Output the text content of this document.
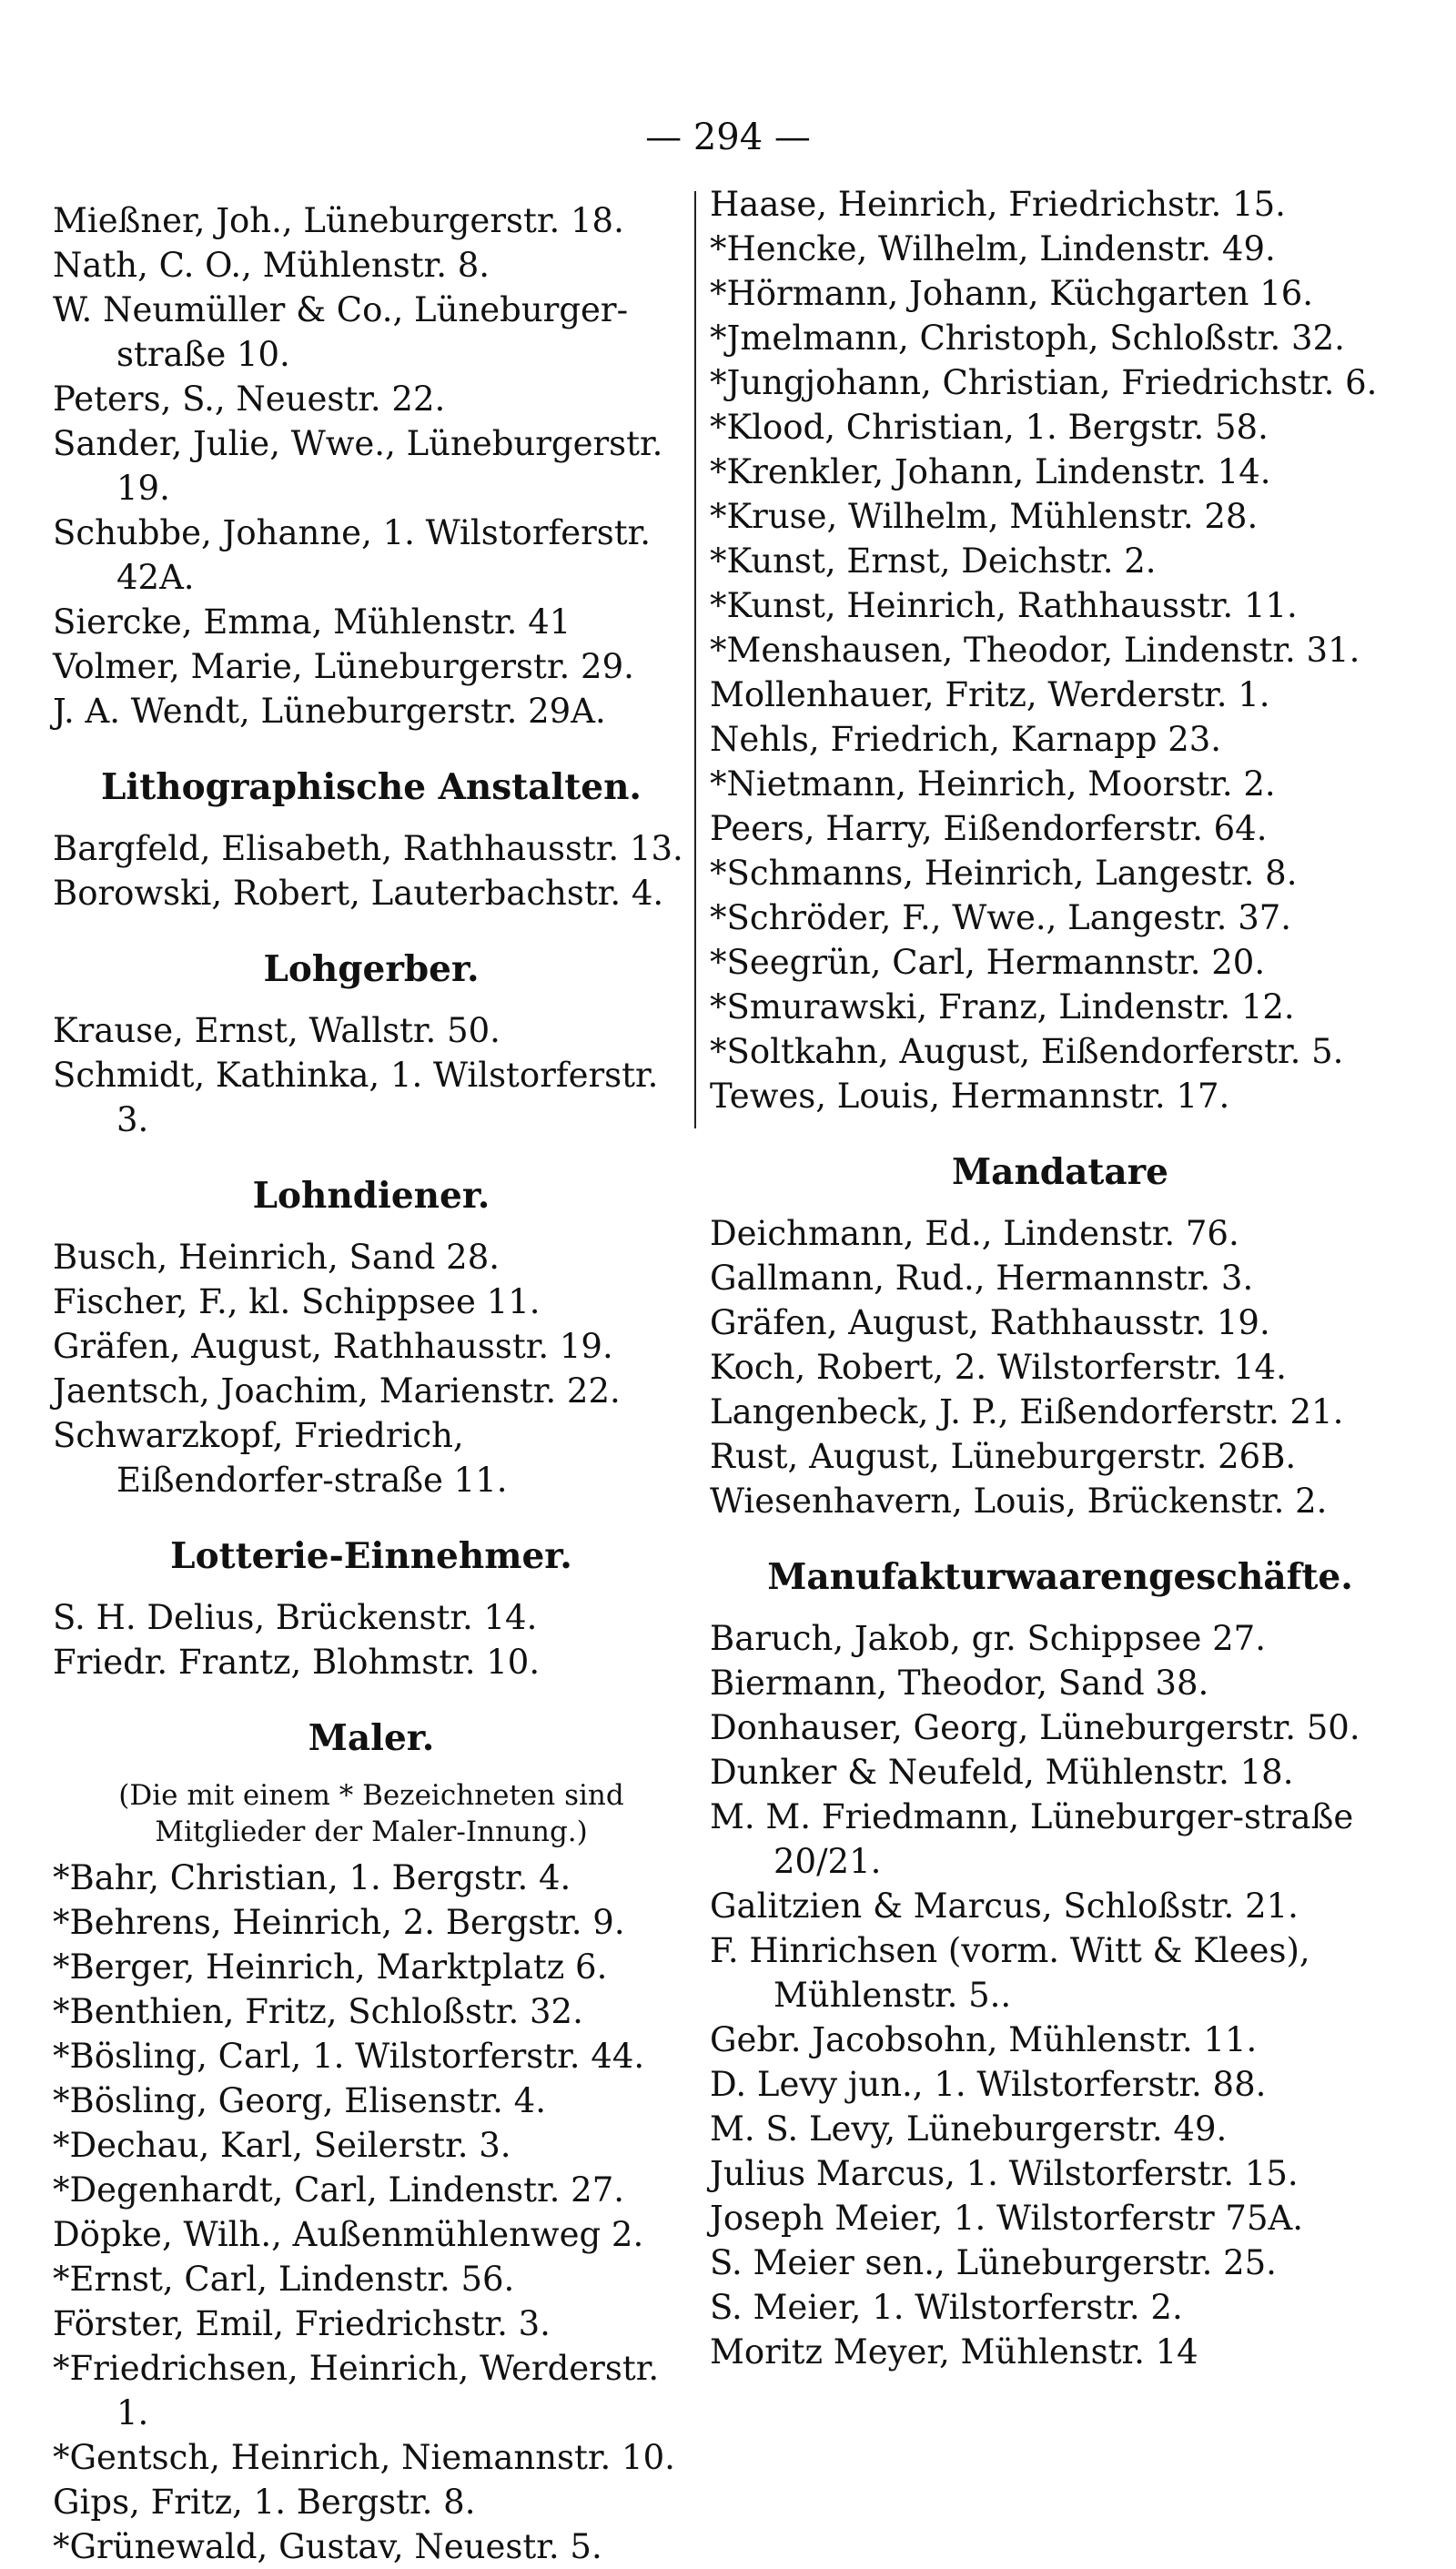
— 294 —

Mießner, Joh., Lüneburgerstr. 18.

Nath, C. O., Mühlenstr. 8.

W. Neumüller & Co., Lüneburger-straße 10.

Peters, S., Neuestr. 22.

Sander, Julie, Wwe., Lüneburgerstr. 19.

Schubbe, Johanne, 1. Wilstorferstr. 42A.

Siercke, Emma, Mühlenstr. 41

Volmer, Marie, Lüneburgerstr. 29.

J. A. Wendt, Lüneburgerstr. 29A.

Lithographische Anstalten.

Bargfeld, Elisabeth, Rathhausstr. 13.

Borowski, Robert, Lauterbachstr. 4.

Lohgerber.

Krause, Ernst, Wallstr. 50.

Schmidt, Kathinka, 1. Wilstorferstr. 3.

Lohndiener.

Busch, Heinrich, Sand 28.

Fischer, F., kl. Schippsee 11.

Gräfen, August, Rathhausstr. 19.

Jaentsch, Joachim, Marienstr. 22.

Schwarzkopf, Friedrich, Eißendorfer-straße 11.

Lotterie-Einnehmer.

S. H. Delius, Brückenstr. 14.

Friedr. Frantz, Blohmstr. 10.

Maler.
(Die mit einem * Bezeichneten sind Mitglieder der Maler-Innung.)

*Bahr, Christian, 1. Bergstr. 4.

*Behrens, Heinrich, 2. Bergstr. 9.

*Berger, Heinrich, Marktplatz 6.

*Benthien, Fritz, Schloßstr. 32.

*Bösling, Carl, 1. Wilstorferstr. 44.

*Bösling, Georg, Elisenstr. 4.

*Dechau, Karl, Seilerstr. 3.

*Degenhardt, Carl, Lindenstr. 27.

Döpke, Wilh., Außenmühlenweg 2.

*Ernst, Carl, Lindenstr. 56.

Förster, Emil, Friedrichstr. 3.

*Friedrichsen, Heinrich, Werderstr. 1.

*Gentsch, Heinrich, Niemannstr. 10.

Gips, Fritz, 1. Bergstr. 8.

*Grünewald, Gustav, Neuestr. 5.

Haase, Heinrich, Friedrichstr. 15.

*Hencke, Wilhelm, Lindenstr. 49.

*Hörmann, Johann, Küchgarten 16.

*Jmelmann, Christoph, Schloßstr. 32.

*Jungjohann, Christian, Friedrichstr. 6.

*Klood, Christian, 1. Bergstr. 58.

*Krenkler, Johann, Lindenstr. 14.

*Kruse, Wilhelm, Mühlenstr. 28.

*Kunst, Ernst, Deichstr. 2.

*Kunst, Heinrich, Rathhausstr. 11.

*Menshausen, Theodor, Lindenstr. 31.

Mollenhauer, Fritz, Werderstr. 1.

Nehls, Friedrich, Karnapp 23.

*Nietmann, Heinrich, Moorstr. 2.

Peers, Harry, Eißendorferstr. 64.

*Schmanns, Heinrich, Langestr. 8.

*Schröder, F., Wwe., Langestr. 37.

*Seegrün, Carl, Hermannstr. 20.

*Smurawski, Franz, Lindenstr. 12.

*Soltkahn, August, Eißendorferstr. 5.

Tewes, Louis, Hermannstr. 17.

Mandatare

Deichmann, Ed., Lindenstr. 76.

Gallmann, Rud., Hermannstr. 3.

Gräfen, August, Rathhausstr. 19.

Koch, Robert, 2. Wilstorferstr. 14.

Langenbeck, J. P., Eißendorferstr. 21.

Rust, August, Lüneburgerstr. 26B.

Wiesenhavern, Louis, Brückenstr. 2.

Manufakturwaarengeschäfte.

Baruch, Jakob, gr. Schippsee 27.

Biermann, Theodor, Sand 38.

Donhauser, Georg, Lüneburgerstr. 50.

Dunker & Neufeld, Mühlenstr. 18.

M. M. Friedmann, Lüneburger-straße 20/21.

Galitzien & Marcus, Schloßstr. 21.

F. Hinrichsen (vorm. Witt & Klees), Mühlenstr. 5..

Gebr. Jacobsohn, Mühlenstr. 11.

D. Levy jun., 1. Wilstorferstr. 88.

M. S. Levy, Lüneburgerstr. 49.

Julius Marcus, 1. Wilstorferstr. 15.

Joseph Meier, 1. Wilstorferstr 75A.

S. Meier sen., Lüneburgerstr. 25.

S. Meier, 1. Wilstorferstr. 2.

Moritz Meyer, Mühlenstr. 14
